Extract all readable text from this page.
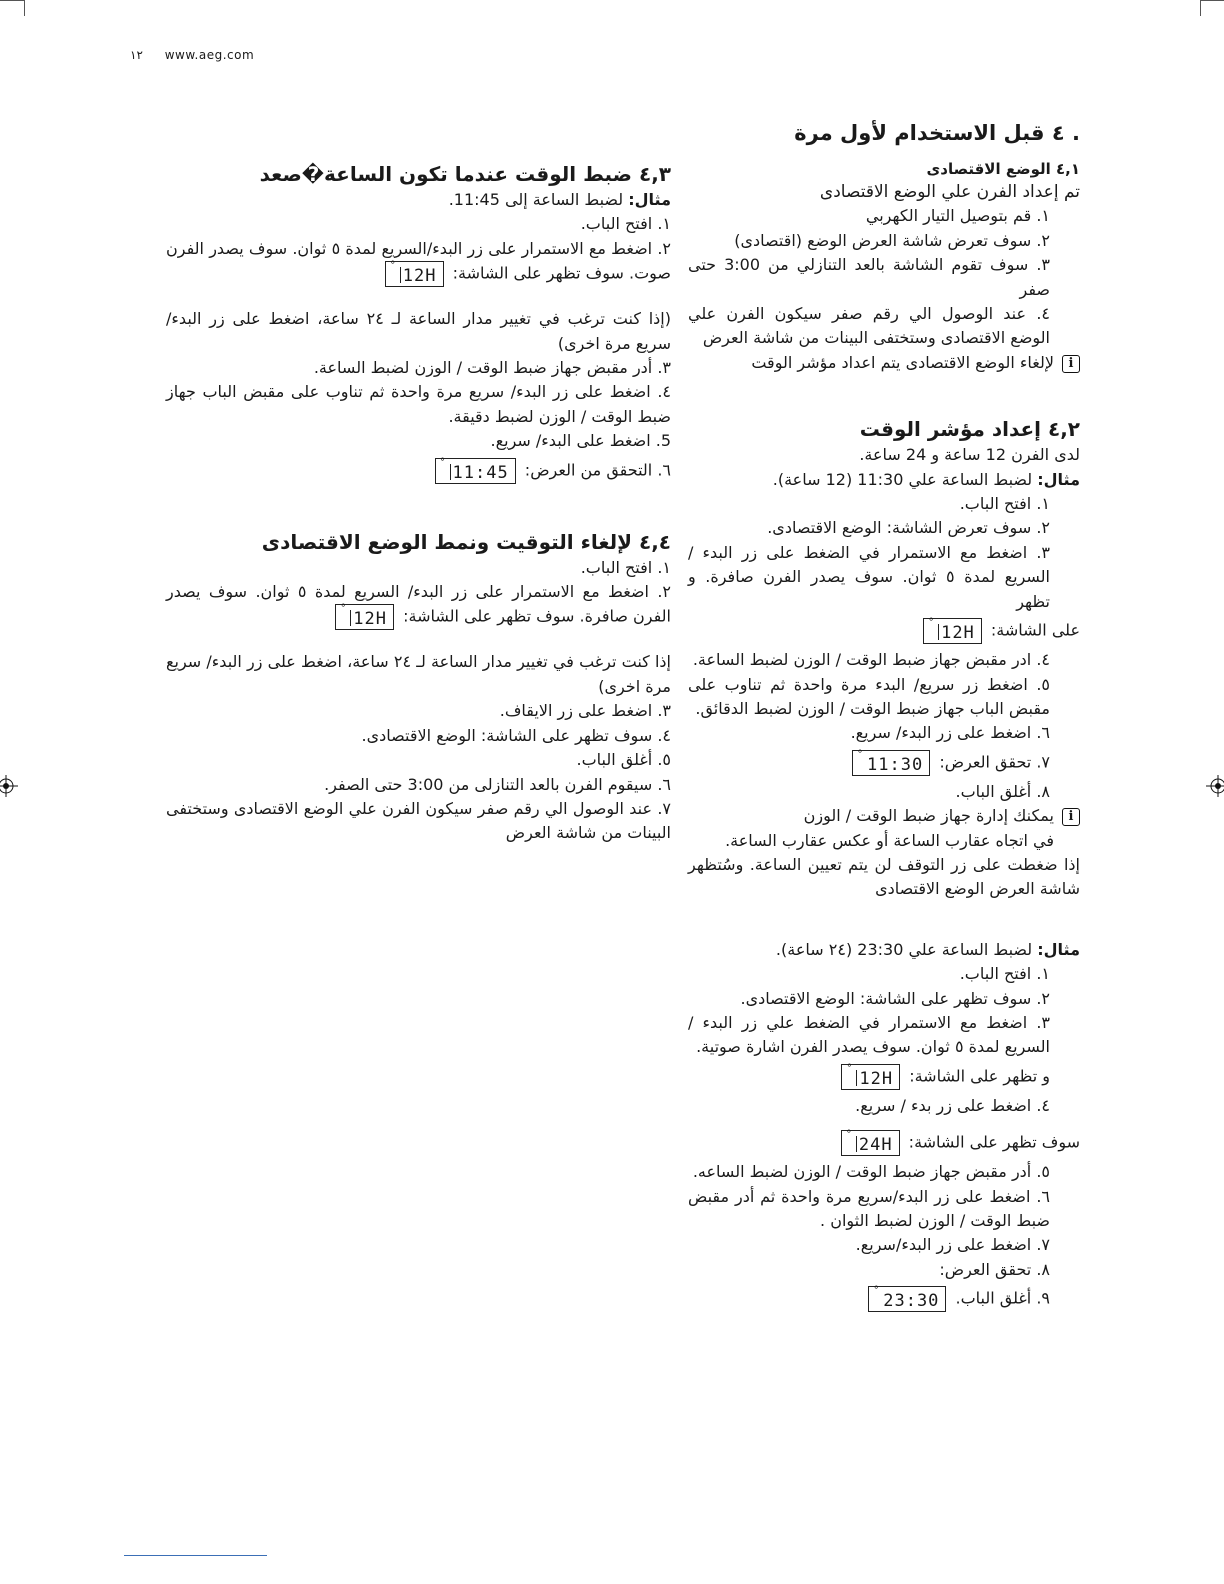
١٢ www.aeg.com
. ٤ قبل الاستخدام لأول مرة
٤,١ الوضع الاقتصادى
تم إعداد الفرن علي الوضع الاقتصادى
١. قم بتوصيل التيار الكهربي
٢. سوف تعرض شاشة العرض الوضع (اقتصادى)
٣. سوف تقوم الشاشة بالعد التنازلي من 3:00 حتى صفر
٤. عند الوصول الي رقم صفر سيكون الفرن علي الوضع الاقتصادى وستختفى البينات من شاشة العرض
i
لإلغاء الوضع الاقتصادى يتم اعداد مؤشر الوقت
٤,٢ إعداد مؤشر الوقت
لدى الفرن 12 ساعة و 24 ساعة.
مثال: لضبط الساعة علي 11:30 (12 ساعة).
١. افتح الباب.
٢. سوف تعرض الشاشة: الوضع الاقتصادى.
٣. اضغط مع الاستمرار في الضغط على زر البدء / السريع لمدة ٥ ثوان. سوف يصدر الفرن صافرة. و تظهر
على الشاشة: ° 12H
٤. ادر مقبض جهاز ضبط الوقت / الوزن لضبط الساعة.
٥. اضغط زر سريع/ البدء مرة واحدة ثم تناوب على مقبض الباب جهاز ضبط الوقت / الوزن لضبط الدقائق.
٦. اضغط على زر البدء/ سريع.
٧. تحقق العرض: ° 11:30
٨. أغلق الباب.
i
يمكنك إدارة جهاز ضبط الوقت / الوزن
في اتجاه عقارب الساعة أو عكس عقارب الساعة.
إذا ضغطت على زر التوقف لن يتم تعيين الساعة. وسُتظهر شاشة العرض الوضع الاقتصادى
مثال: لضبط الساعة علي 23:30 (٢٤ ساعة).
١. افتح الباب.
٢. سوف تظهر على الشاشة: الوضع الاقتصادى.
٣. اضغط مع الاستمرار في الضغط علي زر البدء / السريع لمدة ٥ ثوان. سوف يصدر الفرن اشارة صوتية.
و تظهر على الشاشة: ° 12H
٤. اضغط على زر بدء / سريع.
سوف تظهر على الشاشة: ° 24H
٥. أدر مقبض جهاز ضبط الوقت / الوزن لضبط الساعه.
٦. اضغط على زر البدء/سريع مرة واحدة ثم أدر مقبض ضبط الوقت / الوزن لضبط الثوان .
٧. اضغط على زر البدء/سريع.
٨. تحقق العرض:
٩. أغلق الباب. ° 23:30
٤,٣ ضبط الوقت عندما تكون الساعة�صعد
مثال: لضبط الساعة إلى 11:45.
١. افتح الباب.
٢. اضغط مع الاستمرار على زر البدء/السريع لمدة ٥ ثوان. سوف يصدر الفرن صوت. سوف تظهر على الشاشة: ° 12H
(إذا كنت ترغب في تغيير مدار الساعة لـ ٢٤ ساعة، اضغط على زر البدء/ سريع مرة اخرى)
٣. أدر مقبض جهاز ضبط الوقت / الوزن لضبط الساعة.
٤. اضغط على زر البدء/ سريع مرة واحدة ثم تناوب على مقبض الباب جهاز ضبط الوقت / الوزن لضبط دقيقة.
5. اضغط على البدء/ سريع.
٦. التحقق من العرض: ° 11:45
٤,٤ لإلغاء التوقيت ونمط الوضع الاقتصادى
١. افتح الباب.
٢. اضغط مع الاستمرار على زر البدء/ السريع لمدة ٥ ثوان. سوف يصدر الفرن صافرة. سوف تظهر على الشاشة: ° 12H
إذا كنت ترغب في تغيير مدار الساعة لـ ٢٤ ساعة، اضغط على زر البدء/ سريع مرة اخرى)
٣. اضغط على زر الايقاف.
٤. سوف تظهر على الشاشة: الوضع الاقتصادى.
٥. أغلق الباب.
٦. سيقوم الفرن بالعد التنازلى من 3:00 حتى الصفر.
٧. عند الوصول الي رقم صفر سيكون الفرن علي الوضع الاقتصادى وستختفى البينات من شاشة العرض
